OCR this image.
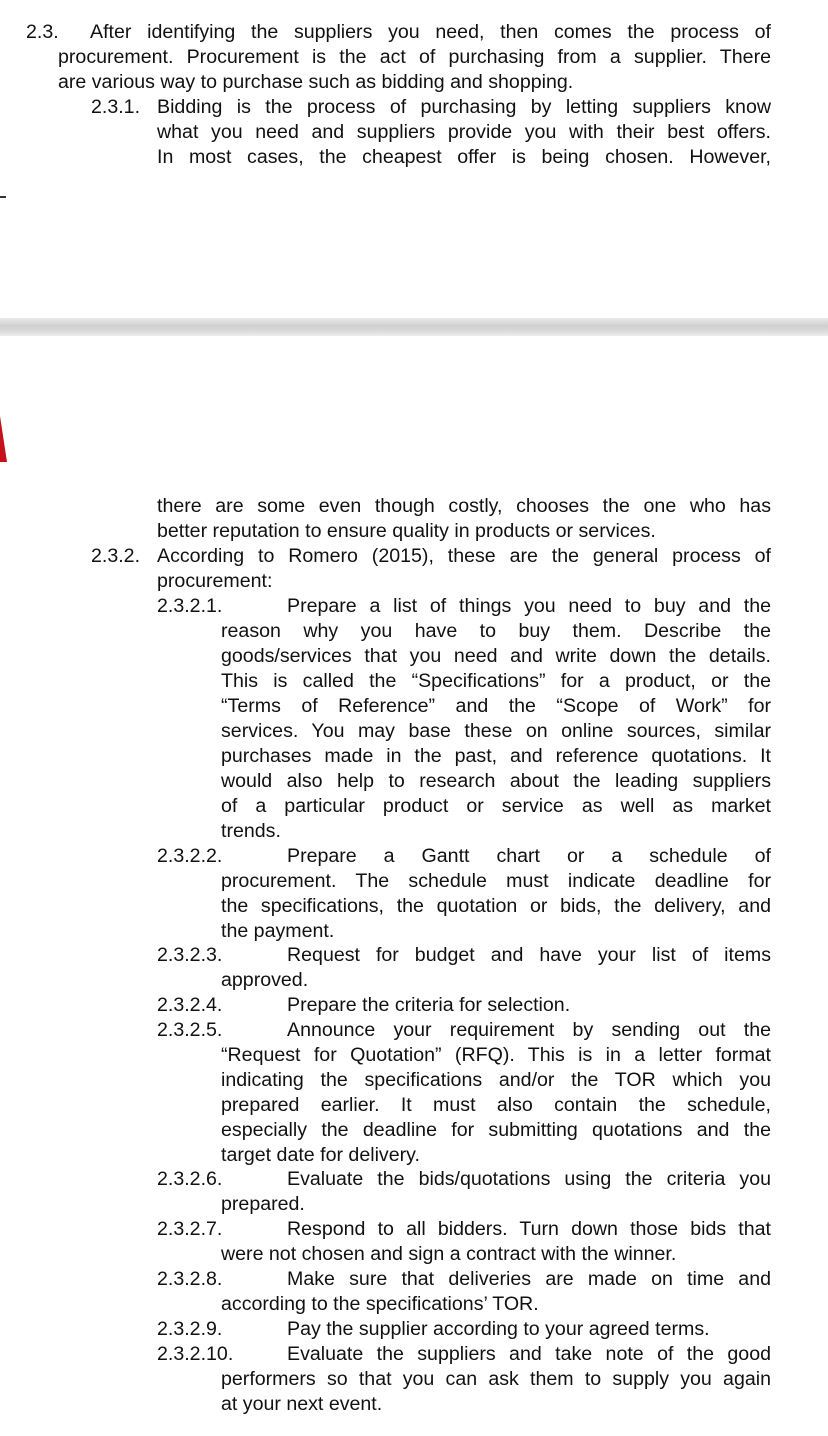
2.3. After identifying the suppliers you need, then comes the process of
procurement. Procurement is the act of purchasing from a supplier. There
are various way to purchase such as bidding and shopping.
2.3.1. Bidding is the process of purchasing by letting suppliers know
what you need and suppliers provide you with their best offers.
In most cases, the cheapest offer is being chosen. However,
there are some even though costly, chooses the one who has
better reputation to ensure quality in products or services.
2.3.2. According to Romero (2015), these are the general process of
procurement:
2.3.2.1.	Prepare a list of things you need to buy and the
reason why you have to buy them. Describe the
goods/services that you need and write down the details.
This is called the “Specifications” for a product, or the
“Terms of Reference” and the “Scope of Work” for
services. You may base these on online sources, similar
purchases made in the past, and reference quotations. It
would also help to research about the leading suppliers
of a particular product or service as well as market
trends.
2.3.2.2.	Prepare a Gantt chart or a schedule of
procurement. The schedule must indicate deadline for
the specifications, the quotation or bids, the delivery, and
the payment.
2.3.2.3.	Request for budget and have your list of items
approved.
2.3.2.4.	Prepare the criteria for selection.
2.3.2.5.	Announce your requirement by sending out the
“Request for Quotation” (RFQ). This is in a letter format
indicating the specifications and/or the TOR which you
prepared earlier. It must also contain the schedule,
especially the deadline for submitting quotations and the
target date for delivery.
2.3.2.6.	Evaluate the bids/quotations using the criteria you
prepared.
2.3.2.7.	Respond to all bidders. Turn down those bids that
were not chosen and sign a contract with the winner.
2.3.2.8.	Make sure that deliveries are made on time and
according to the specifications’ TOR.
2.3.2.9.	Pay the supplier according to your agreed terms.
2.3.2.10.	Evaluate the suppliers and take note of the good
performers so that you can ask them to supply you again
at your next event.
